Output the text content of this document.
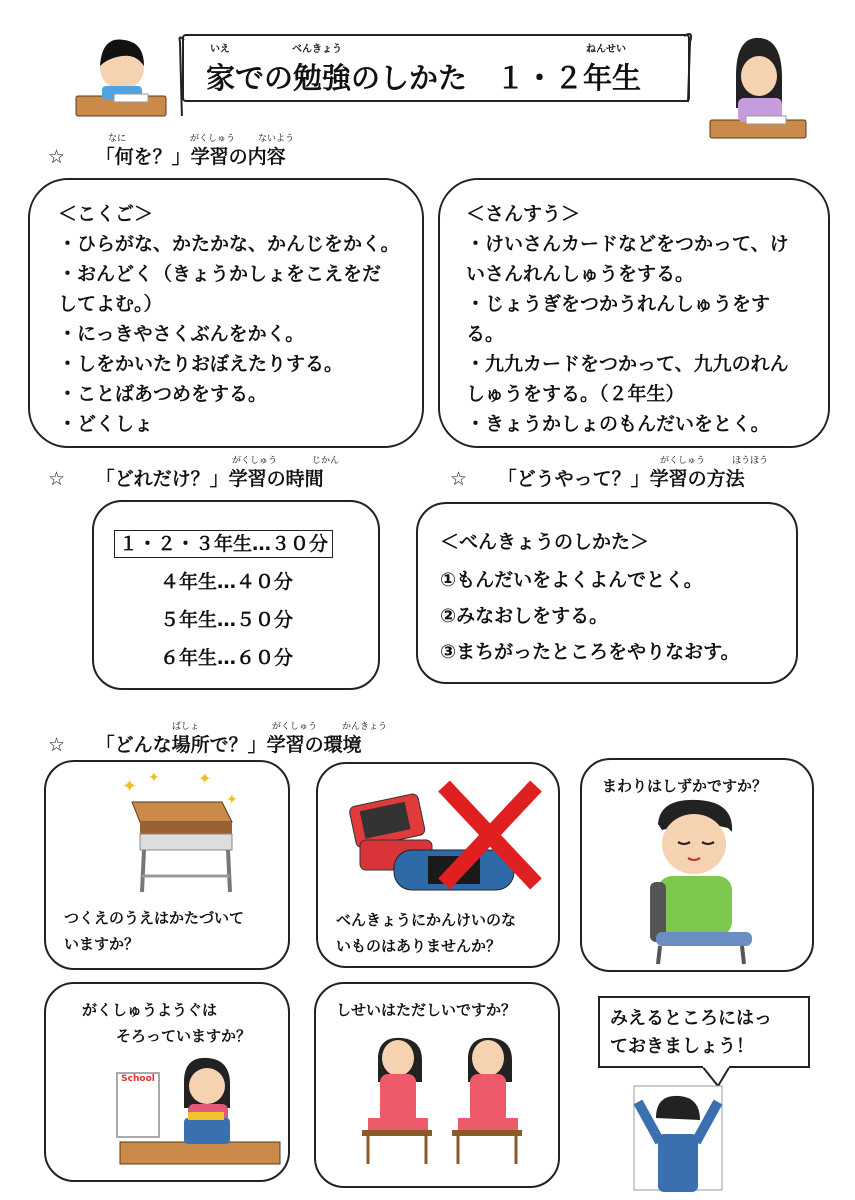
いえ	べんきょう	ねんせい
家での勉強のしかた　１・２年生
☆ 「何を？」学習の内容
なに	がくしゅう	ないよう
＜こくご＞
・ひらがな、かたかな、かんじをかく。
・おんどく（きょうかしょをこえをだ
してよむ。）
・にっきやさくぶんをかく。
・しをかいたりおぼえたりする。
・ことばあつめをする。
・どくしょ
＜さんすう＞
・けいさんカードなどをつかって、け
いさんれんしゅうをする。
・じょうぎをつかうれんしゅうをす
る。
・九九カードをつかって、九九のれん
しゅうをする。（２年生）
・きょうかしょのもんだいをとく。
☆ 「どれだけ？」学習の時間
がくしゅう	じかん
☆ 「どうやって？」学習の方法
がくしゅう	ほうほう
１・２・３年生…３０分
４年生…４０分
５年生…５０分
６年生…６０分
＜べんきょうのしかた＞
①もんだいをよくよんでとく。
②みなおしをする。
③まちがったところをやりなおす。
☆ 「どんな場所で？」学習の環境
ばしょ	がくしゅう	かんきょう
✦ ✦ ✦
✦
つくえのうえはかたづいて
いますか？
べんきょうにかんけいのな
いものはありませんか？
まわりはしずかですか？
がくしゅうようぐは
そろっていますか？
School
しせいはただしいですか？	みえるところにはっ
ておきましょう！
